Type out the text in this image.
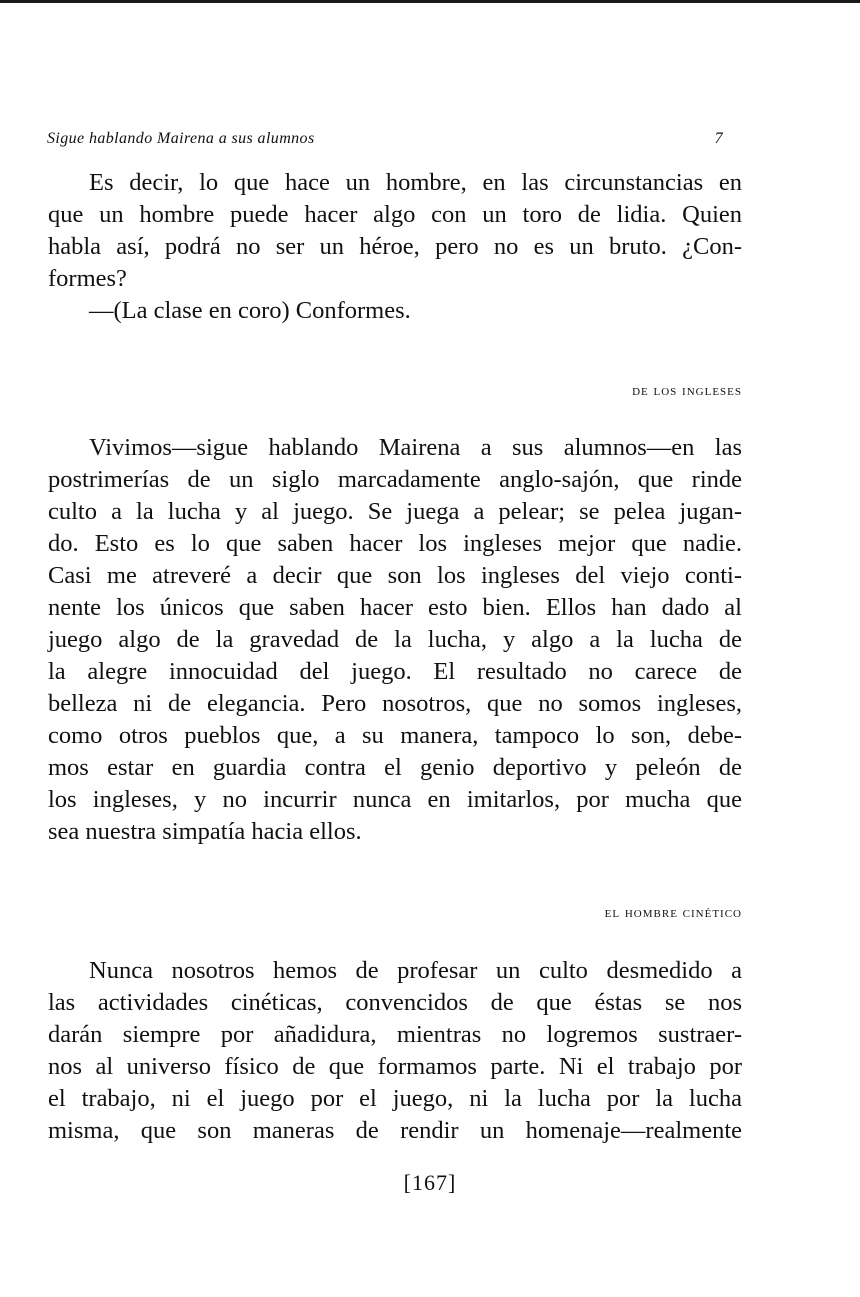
Sigue hablando Mairena a sus alumnos	7
Es decir, lo que hace un hombre, en las circunstancias en
que un hombre puede hacer algo con un toro de lidia. Quien
habla así, podrá no ser un héroe, pero no es un bruto. ¿Con-
formes?
—(La clase en coro) Conformes.
de los ingleses
Vivimos—sigue hablando Mairena a sus alumnos—en las
postrimerías de un siglo marcadamente anglo-sajón, que rinde
culto a la lucha y al juego. Se juega a pelear; se pelea jugan-
do. Esto es lo que saben hacer los ingleses mejor que nadie.
Casi me atreveré a decir que son los ingleses del viejo conti-
nente los únicos que saben hacer esto bien. Ellos han dado al
juego algo de la gravedad de la lucha, y algo a la lucha de
la alegre innocuidad del juego. El resultado no carece de
belleza ni de elegancia. Pero nosotros, que no somos ingleses,
como otros pueblos que, a su manera, tampoco lo son, debe-
mos estar en guardia contra el genio deportivo y peleón de
los ingleses, y no incurrir nunca en imitarlos, por mucha que
sea nuestra simpatía hacia ellos.
el hombre cinético
Nunca nosotros hemos de profesar un culto desmedido a
las actividades cinéticas, convencidos de que éstas se nos
darán siempre por añadidura, mientras no logremos sustraer-
nos al universo físico de que formamos parte. Ni el trabajo por
el trabajo, ni el juego por el juego, ni la lucha por la lucha
misma, que son maneras de rendir un homenaje—realmente
[167]
